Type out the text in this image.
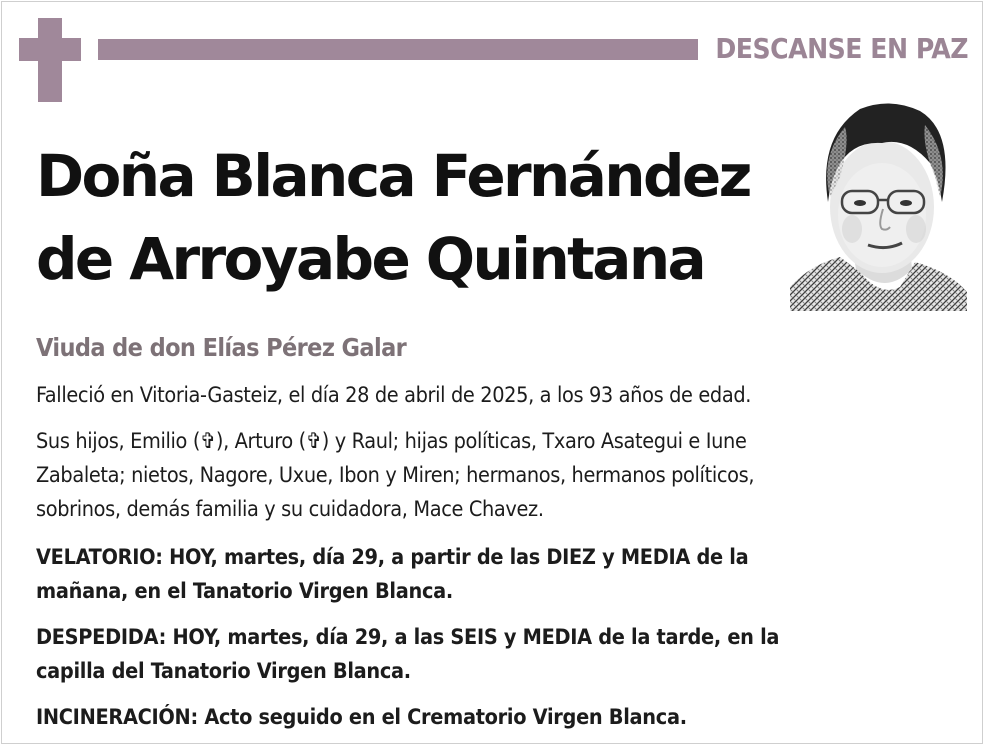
DESCANSE EN PAZ
Doña Blanca Fernández
de Arroyabe Quintana
Viuda de don Elías Pérez Galar

Falleció en Vitoria-Gasteiz, el día 28 de abril de 2025, a los 93 años de edad.

Sus hijos, Emilio (✞), Arturo (✞) y Raul; hijas políticas, Txaro Asategui e Iune
Zabaleta; nietos, Nagore, Uxue, Ibon y Miren; hermanos, hermanos políticos,
sobrinos, demás familia y su cuidadora, Mace Chavez.

VELATORIO: HOY, martes, día 29, a partir de las DIEZ y MEDIA de la
mañana, en el Tanatorio Virgen Blanca.

DESPEDIDA: HOY, martes, día 29, a las SEIS y MEDIA de la tarde, en la
capilla del Tanatorio Virgen Blanca.

INCINERACIÓN: Acto seguido en el Crematorio Virgen Blanca.
